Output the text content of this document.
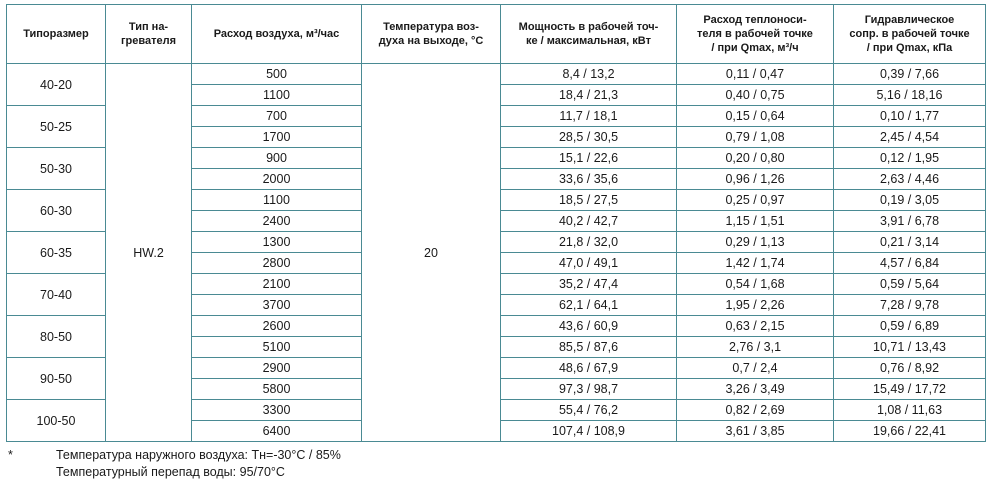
Типоразмер	Тип на-
гревателя	Расход воздуха, м³/час	Температура воз-
духа на выходе, °С	Мощность в рабочей точ-
ке / максимальная, кВт	Расход теплоноси-
теля в рабочей точке
/ при Qmax, м³/ч	Гидравлическое
сопр. в рабочей точке
/ при Qmax, кПа
40-20	HW.2	500	20	8,4 / 13,2	0,11 / 0,47	0,39 / 7,66
		1100		18,4 / 21,3	0,40 / 0,75	5,16 / 18,16
50-25		700		11,7 / 18,1	0,15 / 0,64	0,10 / 1,77
		1700		28,5 / 30,5	0,79 / 1,08	2,45 / 4,54
50-30		900		15,1 / 22,6	0,20 / 0,80	0,12 / 1,95
		2000		33,6 / 35,6	0,96 / 1,26	2,63 / 4,46
60-30		1100		18,5 / 27,5	0,25 / 0,97	0,19 / 3,05
		2400		40,2 / 42,7	1,15 / 1,51	3,91 / 6,78
60-35		1300		21,8 / 32,0	0,29 / 1,13	0,21 / 3,14
		2800		47,0 / 49,1	1,42 / 1,74	4,57 / 6,84
70-40		2100		35,2 / 47,4	0,54 / 1,68	0,59 / 5,64
		3700		62,1 / 64,1	1,95 / 2,26	7,28 / 9,78
80-50		2600		43,6 / 60,9	0,63 / 2,15	0,59 / 6,89
		5100		85,5 / 87,6	2,76 / 3,1	10,71 / 13,43
90-50		2900		48,6 / 67,9	0,7 / 2,4	0,76 / 8,92
		5800		97,3 / 98,7	3,26 / 3,49	15,49 / 17,72
100-50		3300		55,4 / 76,2	0,82 / 2,69	1,08 / 11,63
		6400		107,4 / 108,9	3,61 / 3,85	19,66 / 22,41
*	Температура наружного воздуха: Тн=-30°С / 85%
Температурный перепад воды: 95/70°С
